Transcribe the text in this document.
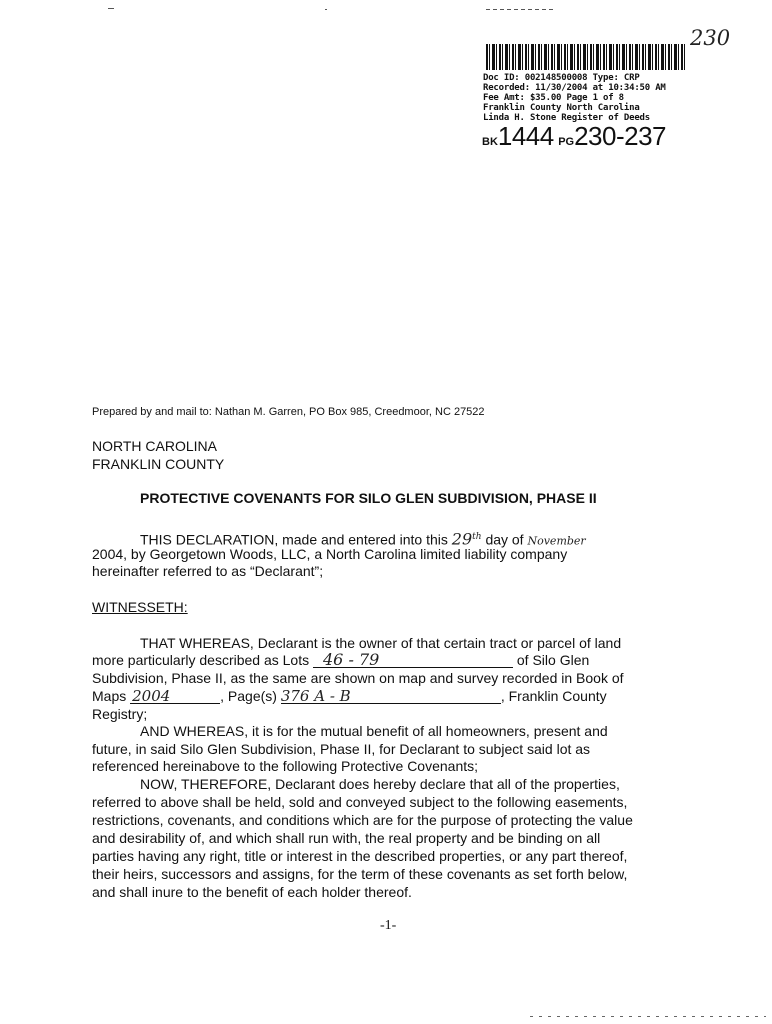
230
Doc ID: 002148500008 Type: CRP
Recorded: 11/30/2004 at 10:34:50 AM
Fee Amt: $35.00 Page 1 of 8
Franklin County North Carolina
Linda H. Stone Register of Deeds
BK1444 PG230-237
Prepared by and mail to: Nathan M. Garren, PO Box 985, Creedmoor, NC 27522
NORTH CAROLINA
FRANKLIN COUNTY
PROTECTIVE COVENANTS FOR SILO GLEN SUBDIVISION, PHASE II
THIS DECLARATION, made and entered into this 29th day of November
2004, by Georgetown Woods, LLC, a North Carolina limited liability company
hereinafter referred to as “Declarant”;
WITNESSETH:
THAT WHEREAS, Declarant is the owner of that certain tract or parcel of land
more particularly described as Lots 46 - 79	of Silo Glen
Subdivision, Phase II, as the same are shown on map and survey recorded in Book of
Maps 2004	, Page(s) 376 A - B	, Franklin County
Registry;
AND WHEREAS, it is for the mutual benefit of all homeowners, present and
future, in said Silo Glen Subdivision, Phase II, for Declarant to subject said lot as
referenced hereinabove to the following Protective Covenants;
NOW, THEREFORE, Declarant does hereby declare that all of the properties,
referred to above shall be held, sold and conveyed subject to the following easements,
restrictions, covenants, and conditions which are for the purpose of protecting the value
and desirability of, and which shall run with, the real property and be binding on all
parties having any right, title or interest in the described properties, or any part thereof,
their heirs, successors and assigns, for the term of these covenants as set forth below,
and shall inure to the benefit of each holder thereof.
-1-
